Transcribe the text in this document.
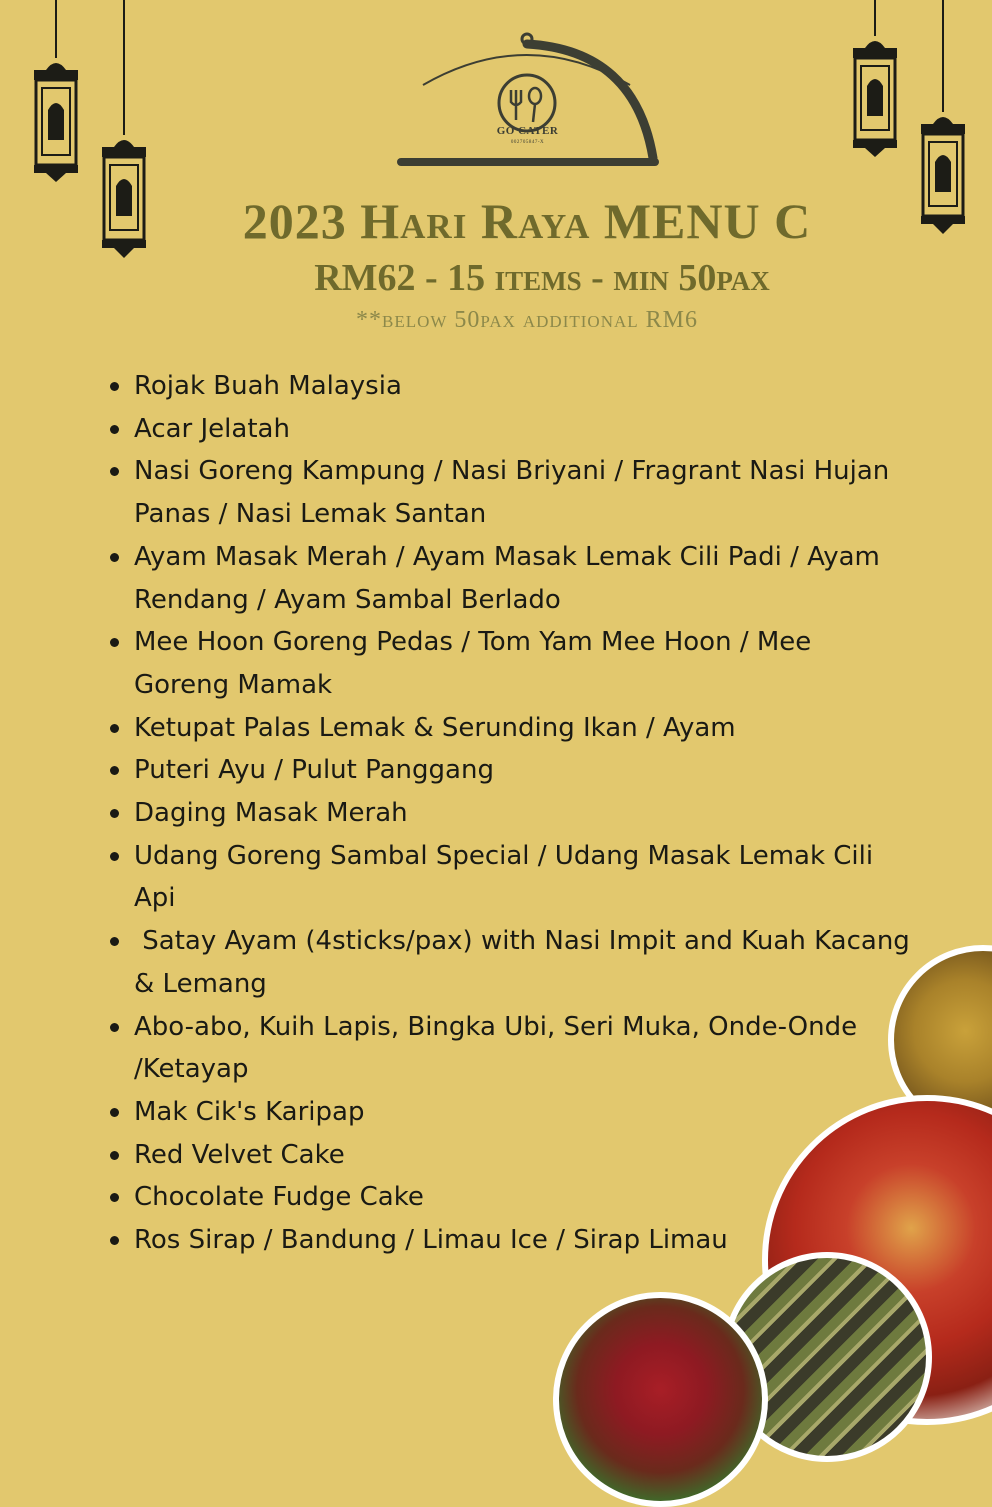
GO CATER
002705847-X
2023 Hari Raya MENU C
RM62 - 15 items - min 50pax
**below 50pax additional RM6
Rojak Buah Malaysia
Acar Jelatah
Nasi Goreng Kampung / Nasi Briyani / Fragrant Nasi Hujan Panas / Nasi Lemak Santan
Ayam Masak Merah / Ayam Masak Lemak Cili Padi / Ayam Rendang / Ayam Sambal Berlado
Mee Hoon Goreng Pedas / Tom Yam Mee Hoon / Mee Goreng Mamak
Ketupat Palas Lemak & Serunding Ikan / Ayam
Puteri Ayu / Pulut Panggang
Daging Masak Merah
Udang Goreng Sambal Special / Udang Masak Lemak Cili Api
Satay Ayam (4sticks/pax) with Nasi Impit and Kuah Kacang & Lemang
Abo-abo, Kuih Lapis, Bingka Ubi, Seri Muka, Onde-Onde /Ketayap
Mak Cik's Karipap
Red Velvet Cake
Chocolate Fudge Cake
Ros Sirap / Bandung / Limau Ice / Sirap Limau
